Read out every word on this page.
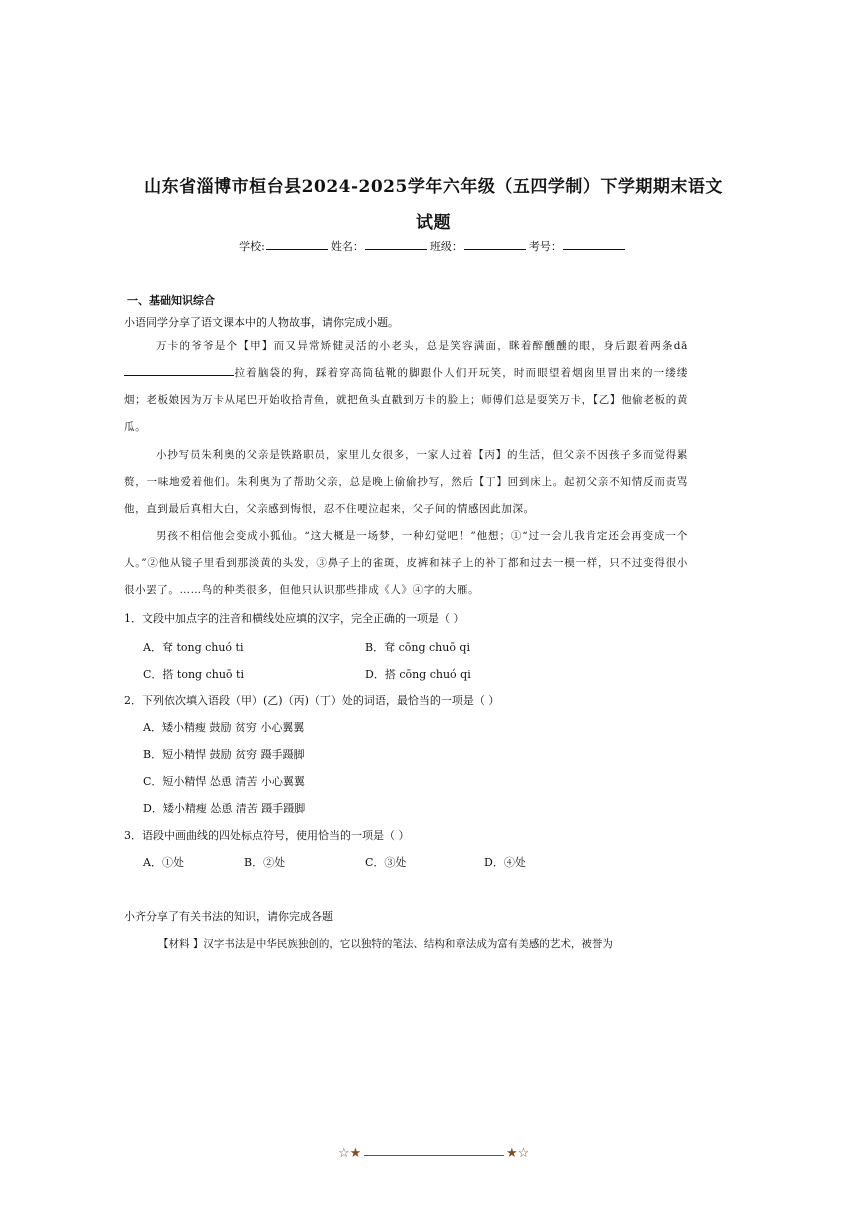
山东省淄博市桓台县2024-2025学年六年级（五四学制）下学期期末语文
试题
学校:	姓名：	班级：	考号：
一、基础知识综合
小语同学分享了语文课本中的人物故事，请你完成小题。
万卡的爷爷是个【甲】而又异常矫健灵活的小老头，总是笑容满面，眯着醉醺醺的眼，身后跟着两条dā拉着脑袋的狗，踩着穿高筒毡靴的脚跟仆人们开玩笑，时而眼望着烟囱里冒出来的一缕缕烟；老板娘因为万卡从尾巴开始收拾青鱼，就把鱼头直戳到万卡的脸上；师傅们总是耍笑万卡，【乙】他偷老板的黄瓜。
小抄写员朱利奥的父亲是铁路职员，家里儿女很多，一家人过着【丙】的生活，但父亲不因孩子多而觉得累赘，一味地爱着他们。朱利奥为了帮助父亲，总是晚上偷偷抄写，然后【丁】回到床上。起初父亲不知情反而责骂他，直到最后真相大白，父亲感到悔恨，忍不住哽泣起来，父子间的情感因此加深。
男孩不相信他会变成小狐仙。“这大概是一场梦，一种幻觉吧！”他想；①“过一会儿我肯定还会再变成一个人。”②他从镜子里看到那淡黄的头发，③鼻子上的雀斑，皮裤和袜子上的补丁都和过去一模一样，只不过变得很小很小罢了。……鸟的种类很多，但他只认识那些排成《人》④字的大雁。
1．文段中加点字的注音和横线处应填的汉字，完全正确的一项是（ ）
A．耷 tong chuó ti	B．耷 cōng chuō qi
C．搭 tong chuō ti	D．搭 cōng chuó qi
2．下列依次填入语段（甲）(乙)（丙)（丁）处的词语，最恰当的一项是（ ）
A．矮小精瘦 鼓励 贫穷 小心翼翼
B．短小精悍 鼓励 贫穷 蹑手蹑脚
C．短小精悍 怂恿 清苦 小心翼翼
D．矮小精瘦 怂恿 清苦 蹑手蹑脚
3．语段中画曲线的四处标点符号，使用恰当的一项是（ ）
A．①处	B．②处	C．③处	D．④处
小齐分享了有关书法的知识，请你完成各题
【材料 】汉字书法是中华民族独创的，它以独特的笔法、结构和章法成为富有美感的艺术，被誉为
☆★	★☆
